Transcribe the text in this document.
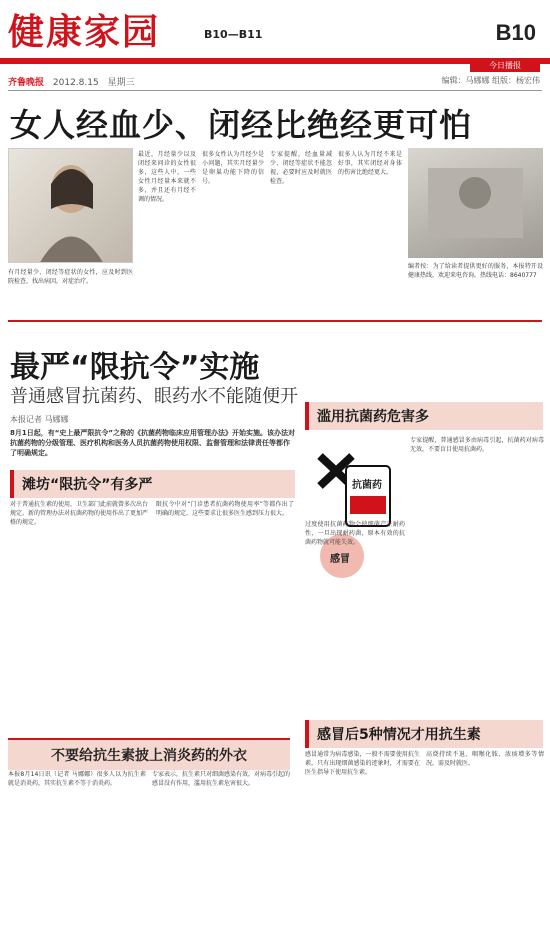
健康家园	B10—B11	B10
今日播报
齐鲁晚报 2012.8.15 星期三	编辑：马娜娜 组版：杨宏伟
女人经血少、闭经比绝经更可怕
最近，月经量少以及闭经来问诊的女性很多，这些人中，一些女性月经量本来就不多，并且还有月经不调的情况。
很多女性认为月经少是小问题，其实月经量少是卵巢功能下降的信号。
专家提醒，经血量减少、闭经等症状不能忽视，必要时应及时就医检查。
很多人认为月经不来是好事，其实闭经对身体的伤害比绝经更大。
有月经量少、闭经等症状的女性，应及时到医院检查，找出病因，对症治疗。
编者按：为了给读者提供更好的服务，本报特开设健康热线，欢迎来电咨询。热线电话：8640777
最严“限抗令”实施
普通感冒抗菌药、眼药水不能随便开
本报记者 马娜娜
8月1日起，有“史上最严限抗令”之称的《抗菌药物临床应用管理办法》开始实施。该办法对抗菌药物的分级管理、医疗机构和医务人员抗菌药物使用权限、监督管理和法律责任等都作了明确规定。
滩坊“限抗令”有多严
对于普通抗生素的使用，卫生部门此前就曾多次出台规定。新的管理办法对抗菌药物的使用作出了更加严格的规定。
限抗令中对“门诊患者抗菌药物使用率”等都作出了明确的规定，这些要求让很多医生感到压力很大。
滥用抗菌药危害多
抗菌药
感冒
过度使用抗菌药物会使细菌产生耐药性，一旦出现耐药菌，原本有效的抗菌药物就可能失效。
专家提醒，普通感冒多由病毒引起，抗菌药对病毒无效，不要盲目使用抗菌药。
感冒后5种情况才用抗生素
感冒通常为病毒感染，一般不需要使用抗生素。只有出现细菌感染的迹象时，才需要在医生指导下使用抗生素。
高烧持续不退、咽喉化脓、浓痰增多等情况，需及时就医。
不要给抗生素披上消炎药的外衣
本报8月14日讯（记者 马娜娜）很多人以为抗生素就是消炎药，其实抗生素不等于消炎药。
专家表示，抗生素只对细菌感染有效，对病毒引起的感冒没有作用，滥用抗生素危害很大。
